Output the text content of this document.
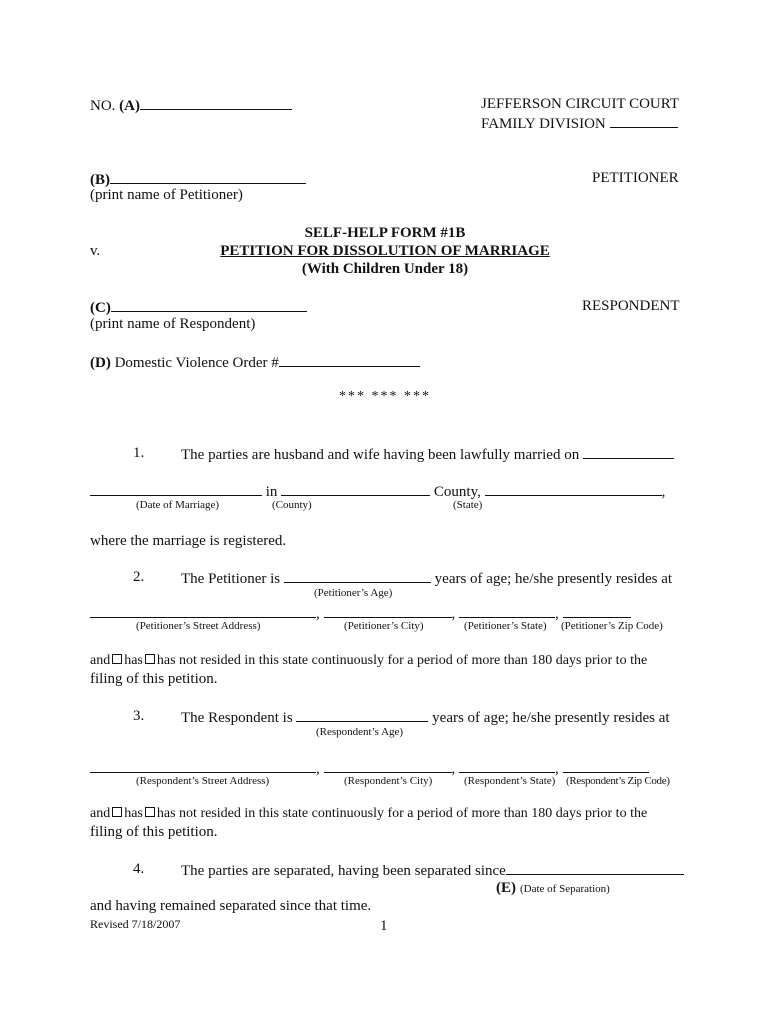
NO. (A)	JEFFERSON CIRCUIT COURT
FAMILY DIVISION
(B)
(print name of Petitioner)
PETITIONER
SELF-HELP FORM #1B
v.	PETITION FOR DISSOLUTION OF MARRIAGE
(With Children Under 18)
(C)
(print name of Respondent)
RESPONDENT
(D) Domestic Violence Order #
*** *** ***
1. The parties are husband and wife having been lawfully married on
in	County,	,
(Date of Marriage)	(County)	(State)
where the marriage is registered.
2. The Petitioner is	years of age; he/she presently resides at
(Petitioner’s Age)
,	,	,
(Petitioner’s Street Address)	(Petitioner’s City)	(Petitioner’s State) (Petitioner’s Zip Code)
and has has not resided in this state continuously for a period of more than 180 days prior to the
filing of this petition.
3. The Respondent is	years of age; he/she presently resides at
(Respondent’s Age)
,	,	,
(Respondent’s Street Address)	(Respondent’s City)	(Respondent’s State) (Respondent’s Zip Code)
and has has not resided in this state continuously for a period of more than 180 days prior to the
filing of this petition.
4. The parties are separated, having been separated since
(E) (Date of Separation)
and having remained separated since that time.
Revised 7/18/2007	1
